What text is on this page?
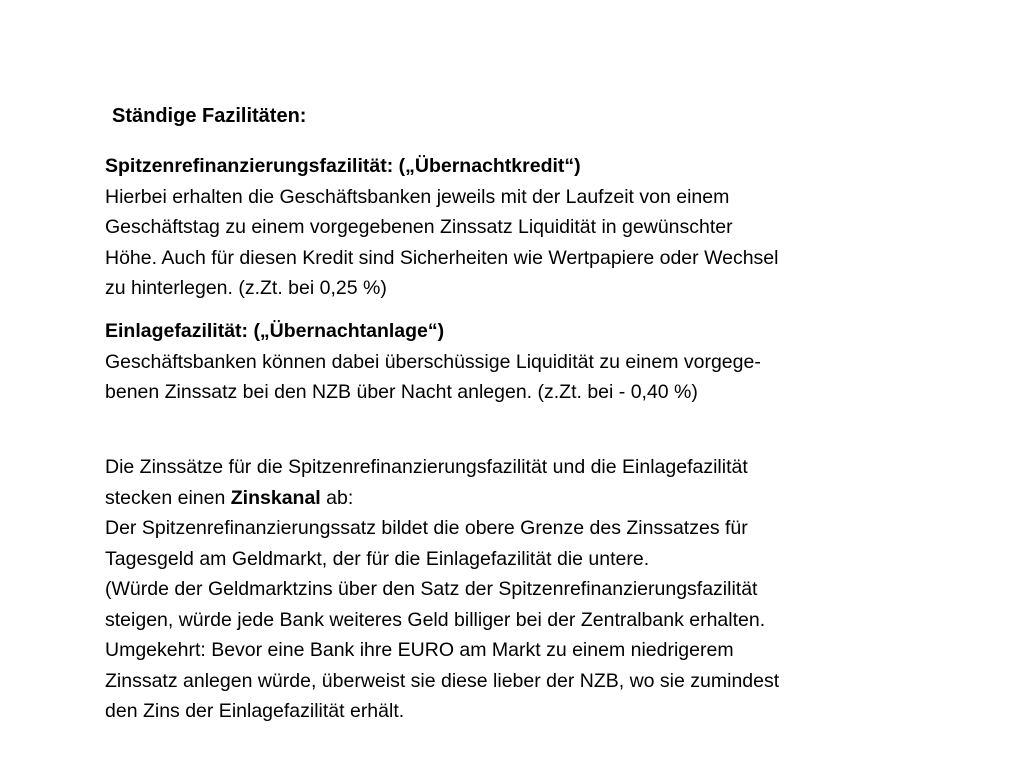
Ständige Fazilitäten:
Spitzenrefinanzierungsfazilität: („Übernachtkredit“)
Hierbei erhalten die Geschäftsbanken jeweils mit der Laufzeit von einem
Geschäftstag zu einem vorgegebenen Zinssatz Liquidität in gewünschter
Höhe. Auch für diesen Kredit sind Sicherheiten wie Wertpapiere oder Wechsel
zu hinterlegen. (z.Zt. bei 0,25 %)
Einlagefazilität: („Übernachtanlage“)
Geschäftsbanken können dabei überschüssige Liquidität zu einem vorgege-
benen Zinssatz bei den NZB über Nacht anlegen. (z.Zt. bei - 0,40 %)
Die Zinssätze für die Spitzenrefinanzierungsfazilität und die Einlagefazilität
stecken einen Zinskanal ab:
Der Spitzenrefinanzierungssatz bildet die obere Grenze des Zinssatzes für
Tagesgeld am Geldmarkt, der für die Einlagefazilität die untere.
(Würde der Geldmarktzins über den Satz der Spitzenrefinanzierungsfazilität
steigen, würde jede Bank weiteres Geld billiger bei der Zentralbank erhalten.
Umgekehrt: Bevor eine Bank ihre EURO am Markt zu einem niedrigerem
Zinssatz anlegen würde, überweist sie diese lieber der NZB, wo sie zumindest
den Zins der Einlagefazilität erhält.
